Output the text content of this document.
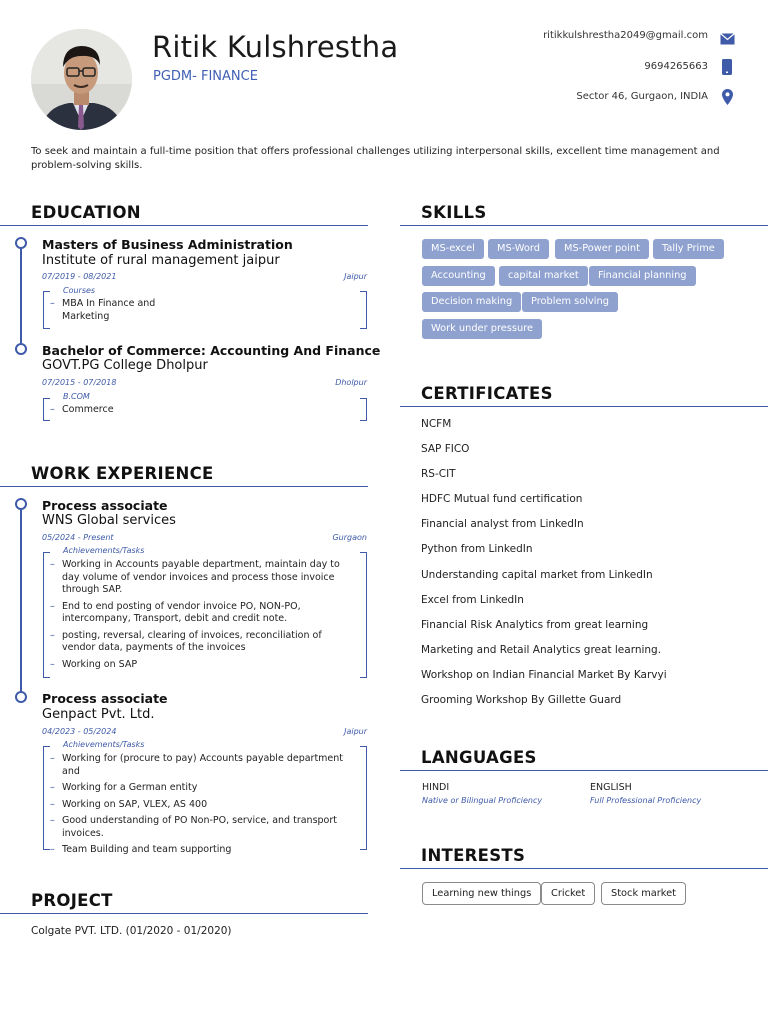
Ritik Kulshrestha
PGDM- FINANCE
ritikkulshrestha2049@gmail.com
9694265663
Sector 46, Gurgaon, INDIA
To seek and maintain a full-time position that offers professional challenges utilizing interpersonal skills, excellent time management and problem-solving skills.
EDUCATION
Masters of Business Administration
Institute of rural management jaipur
07/2019 - 08/2021	Jaipur
Courses
– MBA In Finance and Marketing
Bachelor of Commerce: Accounting And Finance
GOVT.PG College Dholpur
07/2015 - 07/2018	Dholpur
B.COM
– Commerce
WORK EXPERIENCE
Process associate
WNS Global services
05/2024 - Present	Gurgaon
Achievements/Tasks
– Working in Accounts payable department, maintain day to day volume of vendor invoices and process those invoice through SAP.
– End to end posting of vendor invoice PO, NON-PO, intercompany, Transport, debit and credit note.
– posting, reversal, clearing of invoices, reconciliation of vendor data, payments of the invoices
– Working on SAP
Process associate
Genpact Pvt. Ltd.
04/2023 - 05/2024	Jaipur
Achievements/Tasks
– Working for (procure to pay) Accounts payable department and
– Working for a German entity
– Working on SAP, VLEX, AS 400
– Good understanding of PO Non-PO, service, and transport invoices.
– Team Building and team supporting
PROJECT
Colgate PVT. LTD. (01/2020 - 01/2020)
SKILLS
MS-excel	MS-Word	MS-Power point	Tally Prime
Accounting	capital market	Financial planning
Decision making	Problem solving
Work under pressure
CERTIFICATES
NCFM
SAP FICO
RS-CIT
HDFC Mutual fund certification
Financial analyst from LinkedIn
Python from LinkedIn
Understanding capital market from LinkedIn
Excel from LinkedIn
Financial Risk Analytics from great learning
Marketing and Retail Analytics great learning.
Workshop on Indian Financial Market By Karvyi
Grooming Workshop By Gillette Guard
LANGUAGES
HINDI
Native or Bilingual Proficiency
ENGLISH
Full Professional Proficiency
INTERESTS
Learning new things	Cricket	Stock market
